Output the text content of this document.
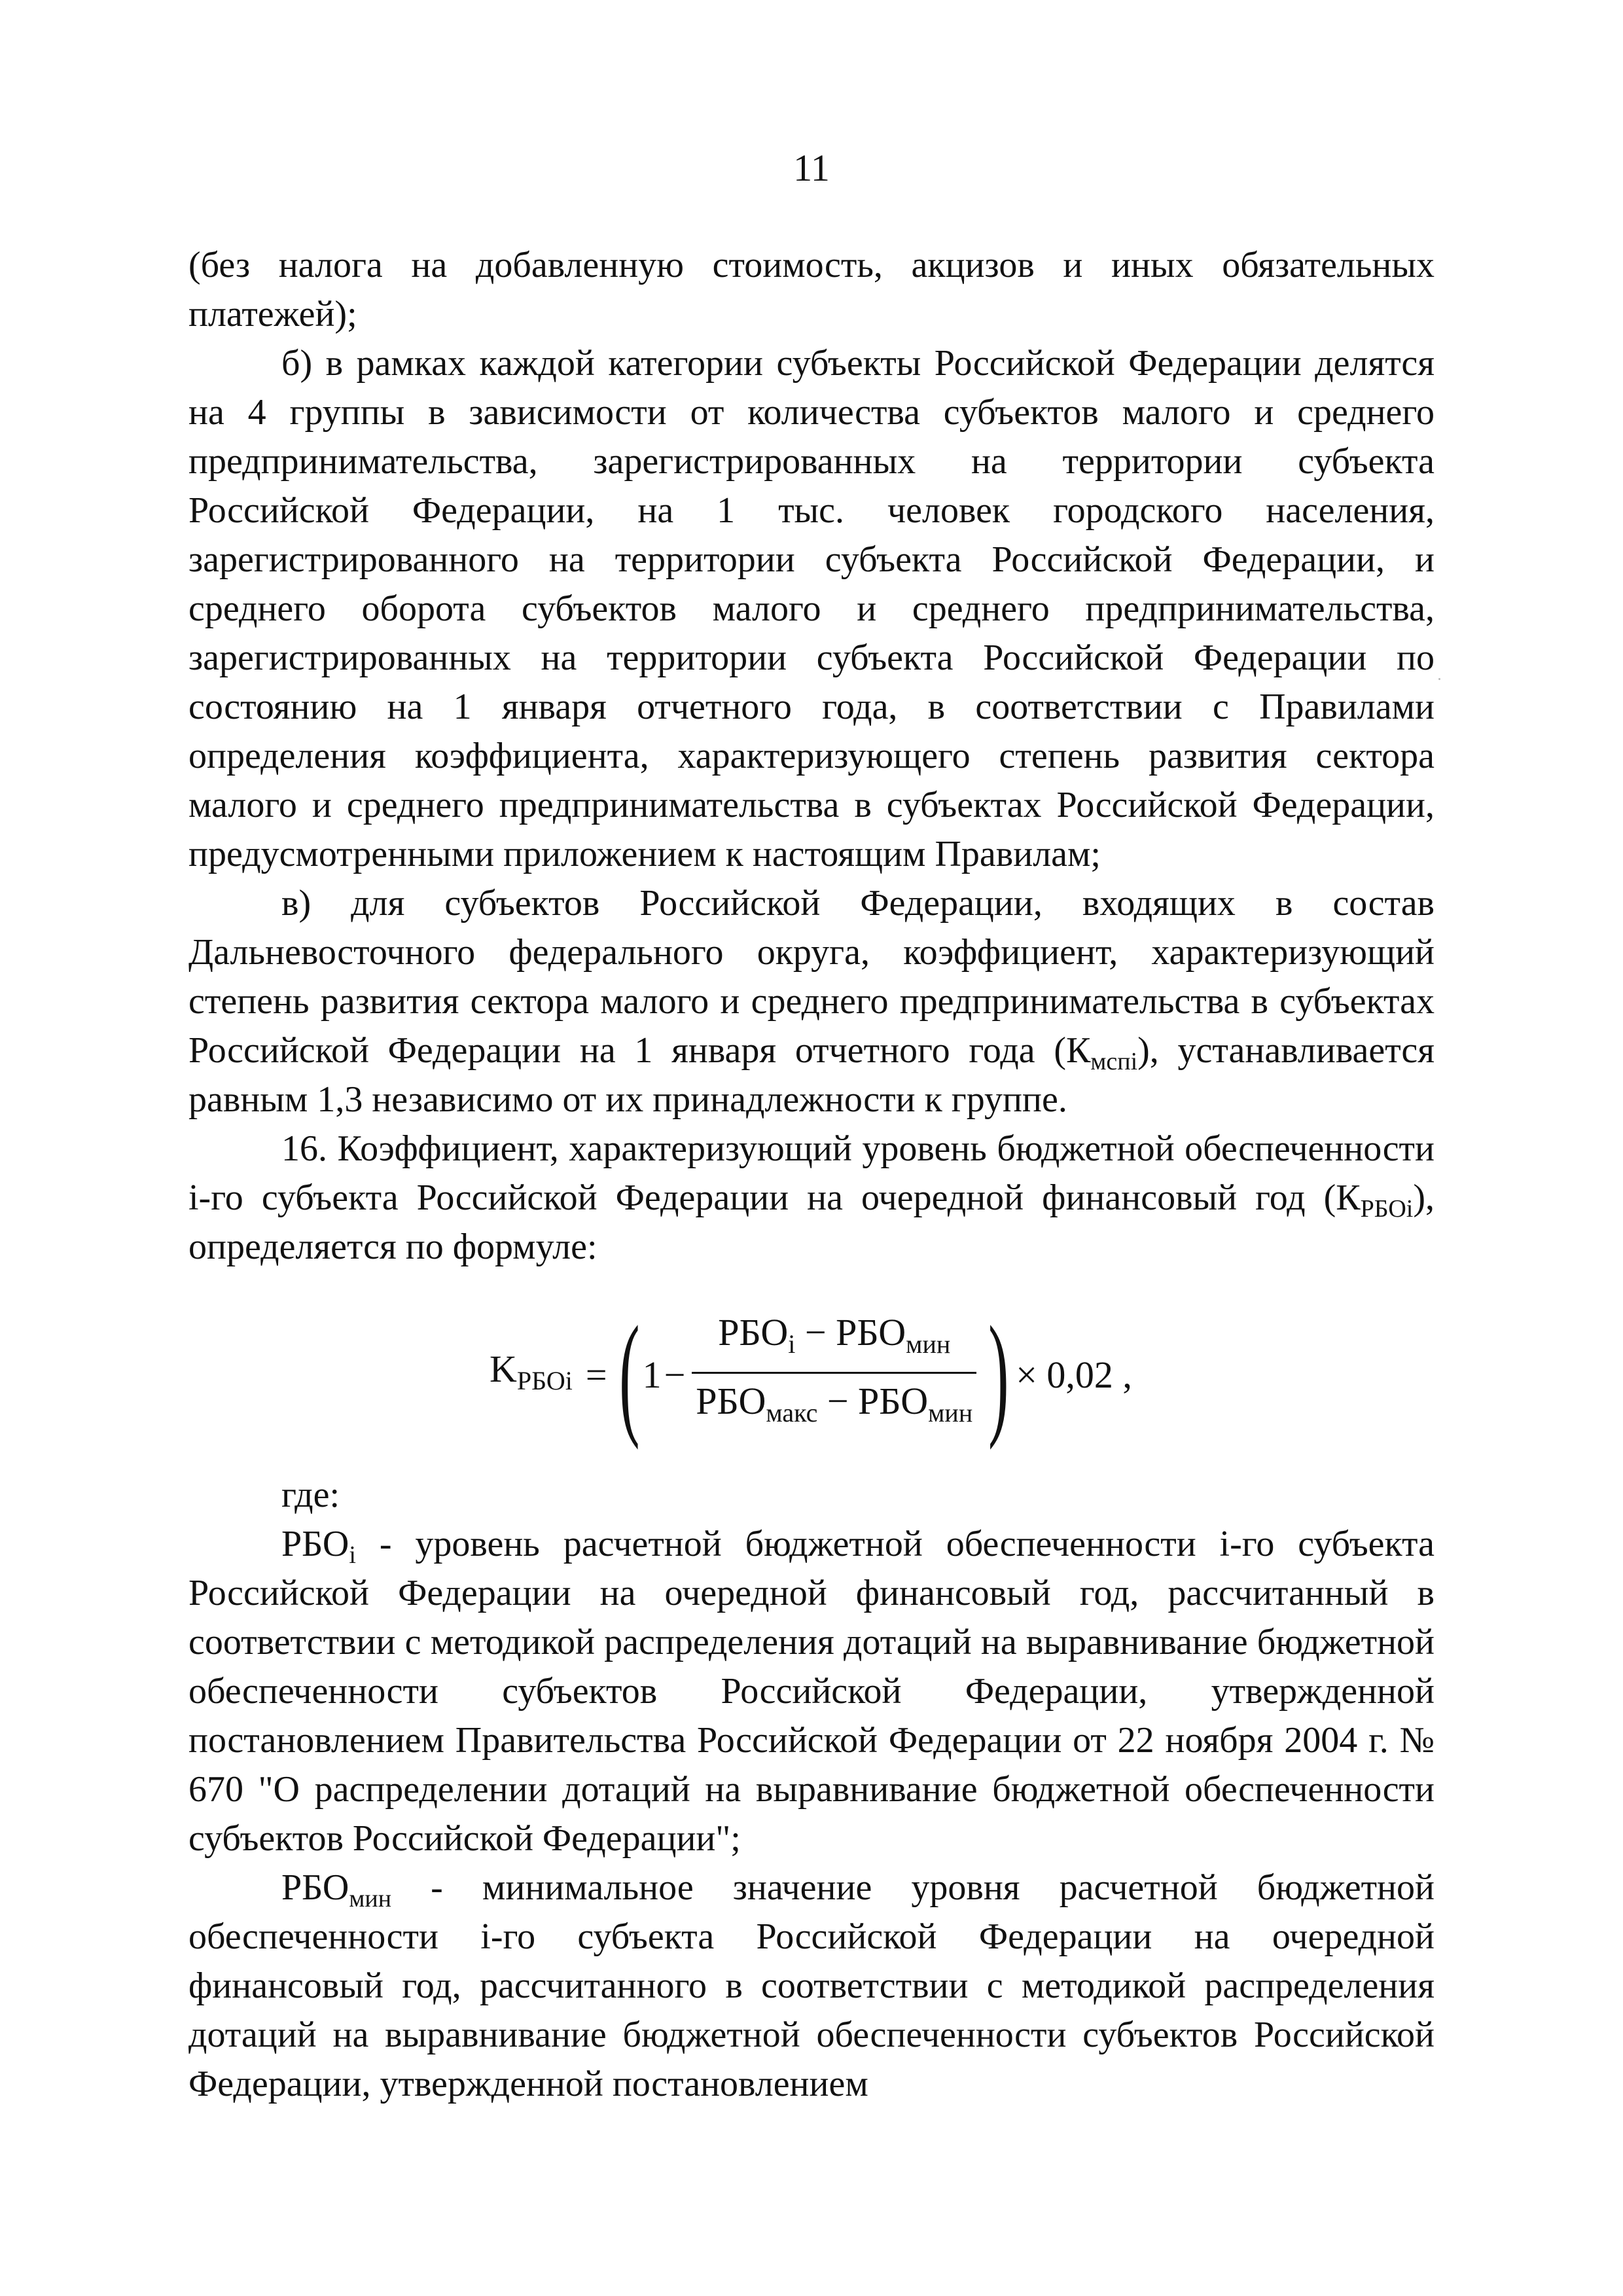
11

(без налога на добавленную стоимость, акцизов и иных обязательных платежей);

б) в рамках каждой категории субъекты Российской Федерации делятся на 4 группы в зависимости от количества субъектов малого и среднего предпринимательства, зарегистрированных на территории субъекта Российской Федерации, на 1 тыс. человек городского населения, зарегистрированного на территории субъекта Российской Федерации, и среднего оборота субъектов малого и среднего предпринимательства, зарегистрированных на территории субъекта Российской Федерации по состоянию на 1 января отчетного года, в соответствии с Правилами определения коэффициента, характеризующего степень развития сектора малого и среднего предпринимательства в субъектах Российской Федерации, предусмотренными приложением к настоящим Правилам;

в) для субъектов Российской Федерации, входящих в состав Дальневосточного федерального округа, коэффициент, характеризующий степень развития сектора малого и среднего предпринимательства в субъектах Российской Федерации на 1 января отчетного года $(К_{мспi})$, устанавливается равным 1,3 независимо от их принадлежности к группе.

16. Коэффициент, характеризующий уровень бюджетной обеспеченности i-го субъекта Российской Федерации на очередной финансовый год $(К_{РБОi})$, определяется по формуле:

$K_{РБОi}$ = ( $1 - \frac{РБО_i - РБО_{мин}}{РБО_{макс} - РБО_{мин}}$ ) × 0,02 ,

где:

$РБО_i$ - уровень расчетной бюджетной обеспеченности i-го субъекта Российской Федерации на очередной финансовый год, рассчитанный в соответствии с методикой распределения дотаций на выравнивание бюджетной обеспеченности субъектов Российской Федерации, утвержденной постановлением Правительства Российской Федерации от 22 ноября 2004 г. № 670 "О распределении дотаций на выравнивание бюджетной обеспеченности субъектов Российской Федерации";

$РБО_{мин}$ - минимальное значение уровня расчетной бюджетной обеспеченности i-го субъекта Российской Федерации на очередной финансовый год, рассчитанного в соответствии с методикой распределения дотаций на выравнивание бюджетной обеспеченности субъектов Российской Федерации, утвержденной постановлением
